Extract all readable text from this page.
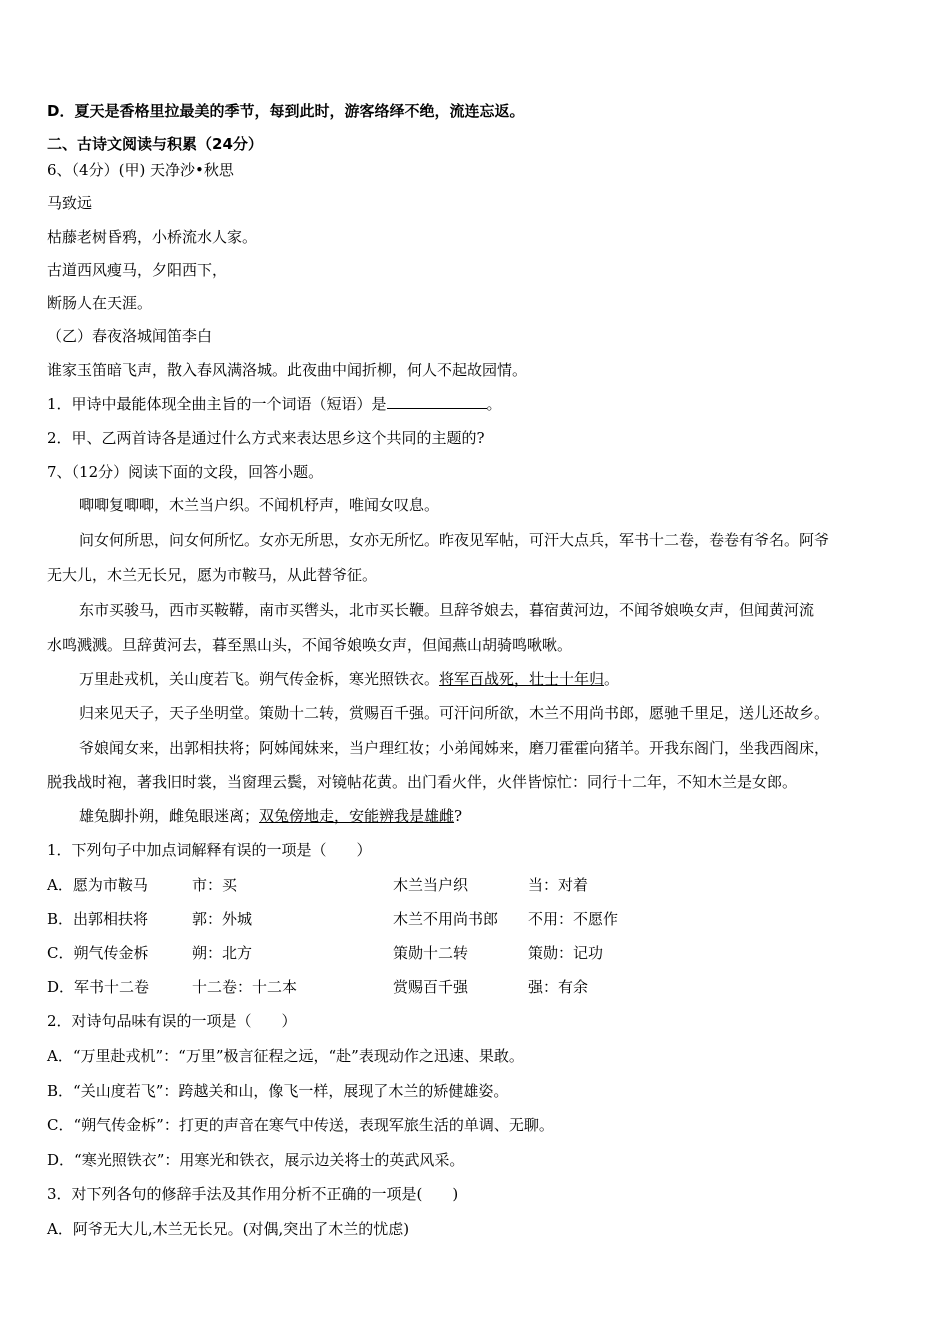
D．夏天是香格里拉最美的季节，每到此时，游客络绎不绝，流连忘返。
二、古诗文阅读与积累（24分）
6、（4分）(甲) 天净沙•秋思
马致远
枯藤老树昏鸦，小桥流水人家。
古道西风瘦马，夕阳西下，
断肠人在天涯。
（乙）春夜洛城闻笛李白
谁家玉笛暗飞声，散入春风满洛城。此夜曲中闻折柳，何人不起故园情。
1．甲诗中最能体现全曲主旨的一个词语（短语）是	。
2．甲、乙两首诗各是通过什么方式来表达思乡这个共同的主题的?
7、（12分）阅读下面的文段，回答小题。
唧唧复唧唧，木兰当户织。不闻机杼声，唯闻女叹息。
问女何所思，问女何所忆。女亦无所思，女亦无所忆。昨夜见军帖，可汗大点兵，军书十二卷，卷卷有爷名。阿爷
无大儿，木兰无长兄，愿为市鞍马，从此替爷征。
东市买骏马，西市买鞍鞯，南市买辔头，北市买长鞭。旦辞爷娘去，暮宿黄河边，不闻爷娘唤女声，但闻黄河流
水鸣溅溅。旦辞黄河去，暮至黑山头，不闻爷娘唤女声，但闻燕山胡骑鸣啾啾。
万里赴戎机，关山度若飞。朔气传金柝，寒光照铁衣。将军百战死，壮士十年归。
归来见天子，天子坐明堂。策勋十二转，赏赐百千强。可汗问所欲，木兰不用尚书郎，愿驰千里足，送儿还故乡。
爷娘闻女来，出郭相扶将；阿姊闻妹来，当户理红妆；小弟闻姊来，磨刀霍霍向猪羊。开我东阁门，坐我西阁床，
脱我战时袍，著我旧时裳，当窗理云鬓，对镜帖花黄。出门看火伴，火伴皆惊忙：同行十二年，不知木兰是女郎。
雄兔脚扑朔，雌兔眼迷离；双兔傍地走，安能辨我是雄雌?
1．下列句子中加点词解释有误的一项是（　　）
A．愿为市鞍马	市：买	木兰当户织	当：对着
B．出郭相扶将	郭：外城	木兰不用尚书郎 不用：不愿作
C．朔气传金柝	朔：北方	策勋十二转	策勋：记功
D．军书十二卷	十二卷：十二本	赏赐百千强	强：有余
2．对诗句品味有误的一项是（　　）
A．“万里赴戎机”：“万里”极言征程之远，“赴”表现动作之迅速、果敢。
B．“关山度若飞”：跨越关和山，像飞一样，展现了木兰的矫健雄姿。
C．“朔气传金柝”：打更的声音在寒气中传送，表现军旅生活的单调、无聊。
D．“寒光照铁衣”：用寒光和铁衣，展示边关将士的英武风采。
3．对下列各句的修辞手法及其作用分析不正确的一项是(　　)
A．阿爷无大儿,木兰无长兄。(对偶,突出了木兰的忧虑)
